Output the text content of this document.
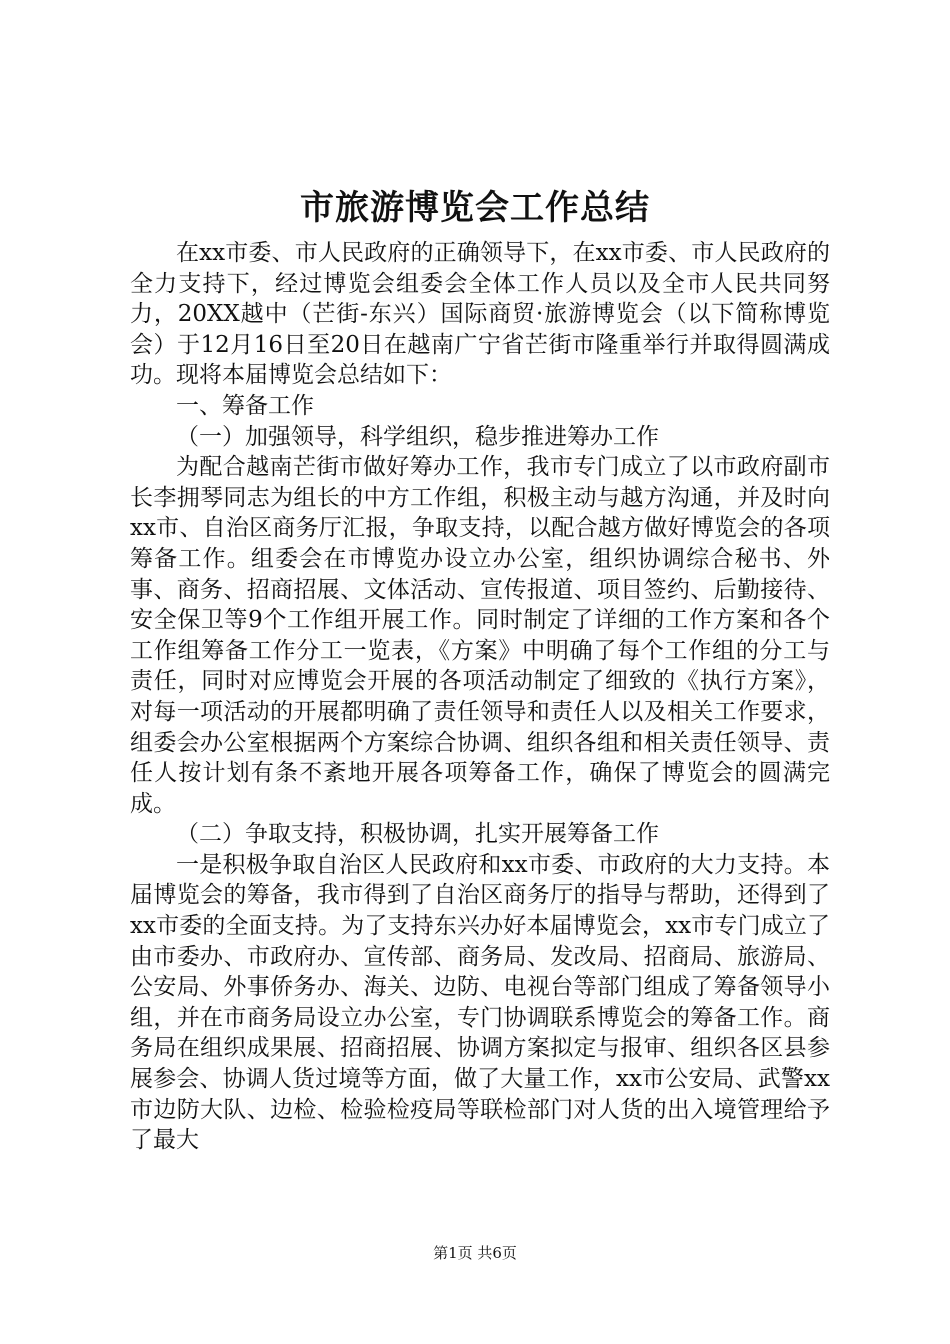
市旅游博览会工作总结

在xx市委、市人民政府的正确领导下，在xx市委、市人民政府的全力支持下，经过博览会组委会全体工作人员以及全市人民共同努力，20XX越中（芒街-东兴）国际商贸·旅游博览会（以下简称博览会）于12月16日至20日在越南广宁省芒街市隆重举行并取得圆满成功。现将本届博览会总结如下：

一、筹备工作

（一）加强领导，科学组织，稳步推进筹办工作

为配合越南芒街市做好筹办工作，我市专门成立了以市政府副市长李拥琴同志为组长的中方工作组，积极主动与越方沟通，并及时向xx市、自治区商务厅汇报，争取支持，以配合越方做好博览会的各项筹备工作。组委会在市博览办设立办公室，组织协调综合秘书、外事、商务、招商招展、文体活动、宣传报道、项目签约、后勤接待、安全保卫等9个工作组开展工作。同时制定了详细的工作方案和各个工作组筹备工作分工一览表，《方案》中明确了每个工作组的分工与责任，同时对应博览会开展的各项活动制定了细致的《执行方案》，对每一项活动的开展都明确了责任领导和责任人以及相关工作要求，组委会办公室根据两个方案综合协调、组织各组和相关责任领导、责任人按计划有条不紊地开展各项筹备工作，确保了博览会的圆满完成。

（二）争取支持，积极协调，扎实开展筹备工作

一是积极争取自治区人民政府和xx市委、市政府的大力支持。本届博览会的筹备，我市得到了自治区商务厅的指导与帮助，还得到了xx市委的全面支持。为了支持东兴办好本届博览会，xx市专门成立了由市委办、市政府办、宣传部、商务局、发改局、招商局、旅游局、公安局、外事侨务办、海关、边防、电视台等部门组成了筹备领导小组，并在市商务局设立办公室，专门协调联系博览会的筹备工作。商务局在组织成果展、招商招展、协调方案拟定与报审、组织各区县参展参会、协调人货过境等方面，做了大量工作，xx市公安局、武警xx市边防大队、边检、检验检疫局等联检部门对人货的出入境管理给予了最大

第1页 共6页
